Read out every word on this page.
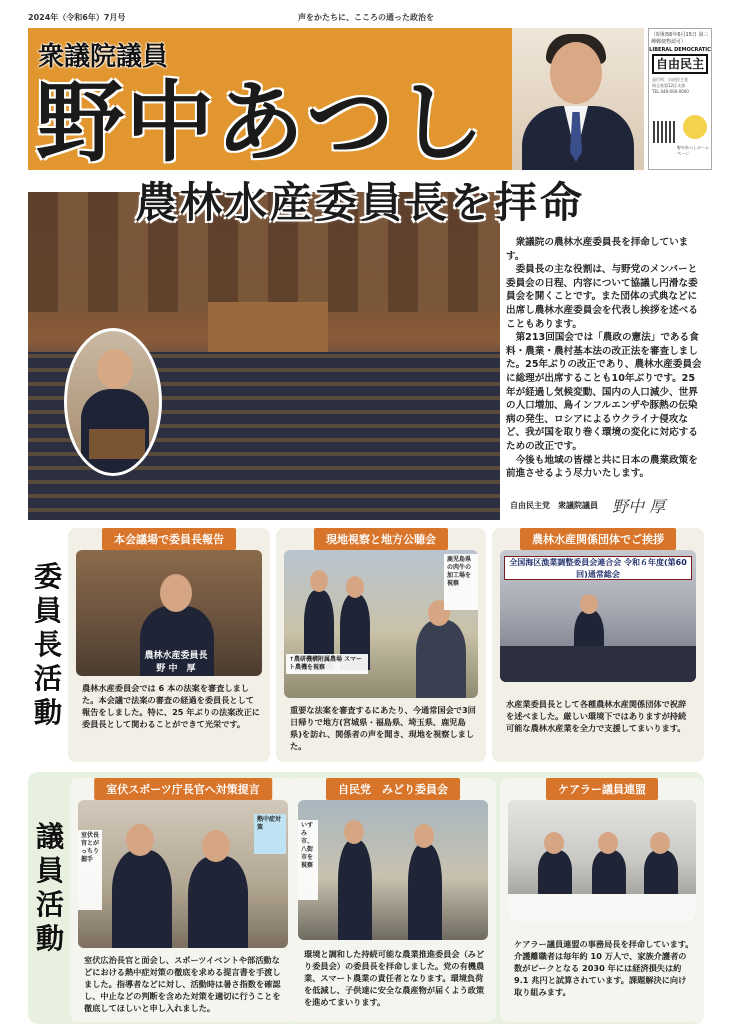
2024年（令和6年）7月号	声をかたちに、こころの通った政治を
衆議院議員
野中あつし
（昭和56年6月15日 第三種郵便物認可）
LIBERAL DEMOCRATIC
自由民主
発行所：自由民主党
埼玉県第12区支部
TEL 048-000-0000
野中あつしホームページ
農林水産委員長を拝命

衆議院の農林水産委員長を拝命しています。

委員長の主な役割は、与野党のメンバーと委員会の日程、内容について協議し円滑な委員会を開くことです。また団体の式典などに出席し農林水産委員会を代表し挨拶を述べることもあります。

第213回国会では「農政の憲法」である食料・農業・農村基本法の改正法を審査しました。25年ぶりの改正であり、農林水産委員会に総理が出席することも10年ぶりです。25年が経過し気候変動、国内の人口減少、世界の人口増加、鳥インフルエンザや豚熱の伝染病の発生、ロシアによるウクライナ侵攻など、我が国を取り巻く環境の変化に対応するための改正です。

今後も地域の皆様と共に日本の農業政策を前進させるよう尽力いたします。

自由民主党　衆議院議員 野中 厚
委
員
長
活
動
本会議場で委員長報告
農林水産委員長
野 中　厚
農林水産委員会では 6 本の法案を審査しました。本会議で法案の審査の経過を委員長として報告をしました。特に、25 年ぶりの法案改正に委員長として関わることができて光栄です。
現地視察と地方公聴会
鹿児島県の肉牛の加工場を視察
↑農研機構附属農場 スマート農機を視察
重要な法案を審査するにあたり、今通常国会で3回日帰りで地方(宮城県・福島県、埼玉県、鹿児島県)を訪れ、関係者の声を聞き、現地を視察しました。
農林水産関係団体でご挨拶
全国海区漁業調整委員会連合会 令和６年度(第60回)通常総会
水産業委員長として各種農林水産関係団体で祝辞を述べました。厳しい環境下ではありますが持続可能な農林水産業を全力で支援してまいります。
議
員
活
動
室伏スポーツ庁長官へ対策提言
室伏長官とがっちり握手
熱中症対策
室伏広治長官と面会し、スポーツイベントや部活動などにおける熱中症対策の徹底を求める提言書を手渡しました。指導者などに対し、活動時は暑さ指数を確認し、中止などの判断を含めた対策を適切に行うことを徹底してほしいと申し入れました。
自民党　みどり委員会
いすみ市、八街市を視察
環境と調和した持続可能な農業推進委員会（みどり委員会）の委員長を拝命しました。党の有機農業、スマート農業の責任者となります。環境負荷を低減し、子供達に安全な農産物が届くよう政策を進めてまいります。
ケアラー議員連盟
ケアラー議員連盟の事務局長を拝命しています。介護離職者は毎年約 10 万人で、家族介護者の数がピークとなる 2030 年には経済損失は約 9.1 兆円と試算されています。課題解決に向け取り組みます。
